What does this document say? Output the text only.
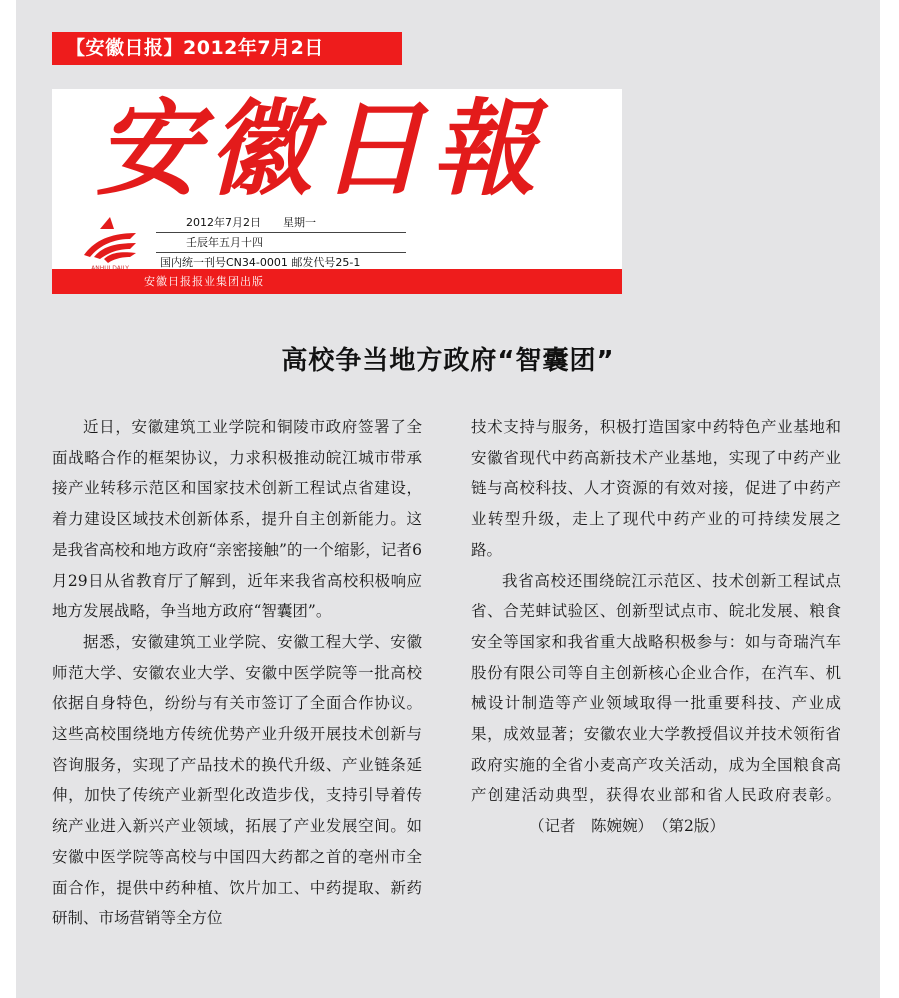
【安徽日报】2012年7月2日
安徽日報
2012年7月2日　　星期一
壬辰年五月十四
国内统一刊号CN34-0001 邮发代号25-1
安徽日报报业集团出版
高校争当地方政府“智囊团”

近日，安徽建筑工业学院和铜陵市政府签署了全面战略合作的框架协议，力求积极推动皖江城市带承接产业转移示范区和国家技术创新工程试点省建设，着力建设区域技术创新体系，提升自主创新能力。这是我省高校和地方政府“亲密接触”的一个缩影，记者6月29日从省教育厅了解到，近年来我省高校积极响应地方发展战略，争当地方政府“智囊团”。

据悉，安徽建筑工业学院、安徽工程大学、安徽师范大学、安徽农业大学、安徽中医学院等一批高校依据自身特色，纷纷与有关市签订了全面合作协议。这些高校围绕地方传统优势产业升级开展技术创新与咨询服务，实现了产品技术的换代升级、产业链条延伸，加快了传统产业新型化改造步伐，支持引导着传统产业进入新兴产业领域，拓展了产业发展空间。如安徽中医学院等高校与中国四大药都之首的亳州市全面合作，提供中药种植、饮片加工、中药提取、新药研制、市场营销等全方位

技术支持与服务，积极打造国家中药特色产业基地和安徽省现代中药高新技术产业基地，实现了中药产业链与高校科技、人才资源的有效对接，促进了中药产业转型升级，走上了现代中药产业的可持续发展之路。

我省高校还围绕皖江示范区、技术创新工程试点省、合芜蚌试验区、创新型试点市、皖北发展、粮食安全等国家和我省重大战略积极参与：如与奇瑞汽车股份有限公司等自主创新核心企业合作，在汽车、机械设计制造等产业领域取得一批重要科技、产业成果，成效显著；安徽农业大学教授倡议并技术领衔省政府实施的全省小麦高产攻关活动，成为全国粮食高产创建活动典型，获得农业部和省人民政府表彰。（记者　陈婉婉）　（第2版）
